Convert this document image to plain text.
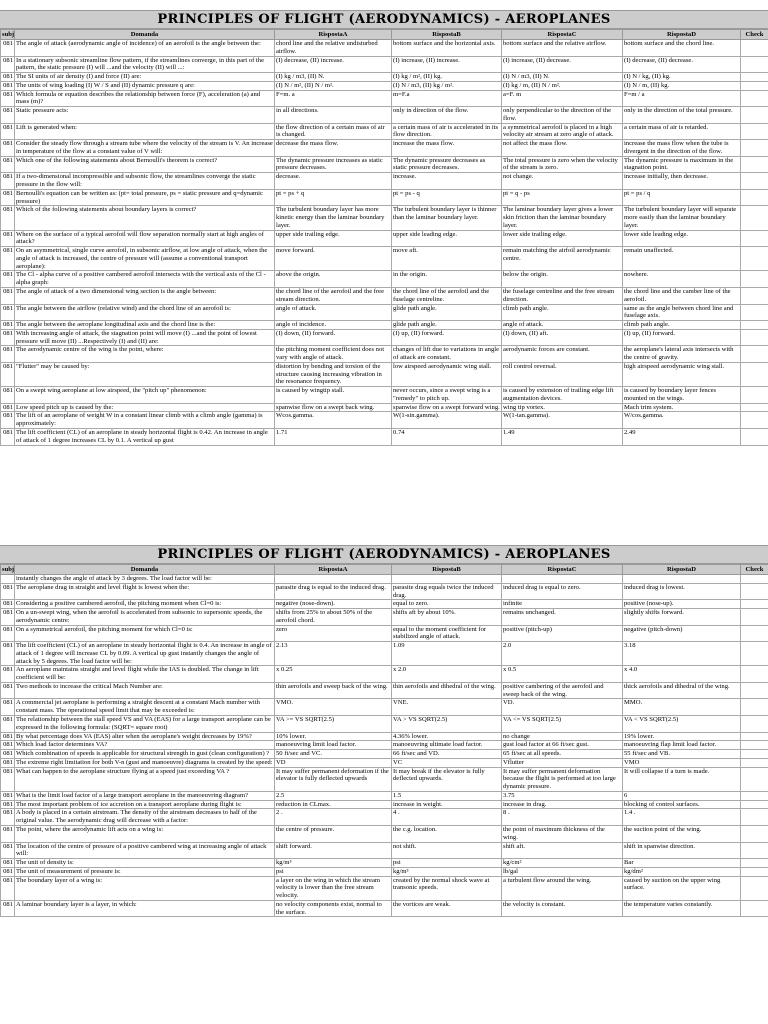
PRINCIPLES OF FLIGHT (AERODYNAMICS) - AEROPLANES
subj	Domanda	RispostaA	RispostaB	RispostaC	RispostaD	Check
081	The angle of attack (aerodynamic angle of incidence) of an aerofoil is the angle between the:	chord line and the relative undisturbed airflow.	bottom surface and the horizontal axis.	bottom surface and the relative airflow.	bottom surface and the chord line.	
081	In a stationary subsonic streamline flow pattern, if the streamlines converge, in this part of the pattern, the static pressure (I) will ...and the velocity (II) will ...:	(I) decrease, (II) increase.	(I) increase, (II) increase.	(I) increase, (II) decrease.	(I) decrease, (II) decrease.	
081	The SI units of air density (I) and force (II) are:	(I) kg / m3, (II) N.	(I) kg / m², (II) kg.	(I) N / m3, (II) N.	(I) N / kg, (II) kg.	
081	The units of wing loading (I) W / S and (II) dynamic pressure q are:	(I) N / m², (II) N / m².	(I) N / m3, (II) kg / m².	(I) kg / m, (II) N / m².	(I) N / m, (II) kg.	
081	Which formula or equation describes the relationship between force (F), acceleration (a) and mass (m)?	F=m. a	m=F.a	a=F. m	F=m / a	
081	Static pressure acts:	in all directions.	only in direction of the flow.	only perpendicular to the direction of the flow.	only in the direction of the total pressure.	
081	Lift is generated when:	the flow direction of a certain mass of air is changed.	a certain mass of air is accelerated in its flow direction.	a symmetrical aerofoil is placed in a high velocity air stream at zero angle of attack.	a certain mass of air is retarded.	
081	Consider the steady flow through a stream tube where the velocity of the stream is V. An increase in temperature of the flow at a constant value of V will:	decrease the mass flow.	increase the mass flow.	not affect the mass flow.	increase the mass flow when the tube is divergent in the direction of the flow.	
081	Which one of the following statements about Bernoulli's theorem is correct?	The dynamic pressure increases as static pressure decreases.	The dynamic pressure decreases as static pressure decreases.	The total pressure is zero when the velocity of the stream is zero.	The dynamic pressure is maximum in the stagnation point.	
081	If a two-dimensional incompressible and subsonic flow, the streamlines converge the static pressure in the flow will:	decrease.	increase.	not change.	increase initially, then decrease.	
081	Bernoulli's equation can be written as: (pt= total pressure, ps = static pressure and q=dynamic pressure)	pt = ps + q	pt = ps - q	pt = q - ps	pt = ps / q	
081	Which of the following statements about boundary layers is correct?	The turbulent boundary layer has more kinetic energy than the laminar boundary layer.	The turbulent boundary layer is thinner than the laminar boundary layer.	The laminar boundary layer gives a lower skin friction than the laminar boundary layer.	The turbulent boundary layer will separate more easily than the laminar boundary layer.	
081	Where on the surface of a typical aerofoil will flow separation normally start at high angles of attack?	upper side trailing edge.	upper side leading edge.	lower side trailing edge.	lower side leading edge.	
081	On an asymmetrical, single curve aerofoil, in subsonic airflow, at low angle of attack, when the angle of attack is increased, the centre of pressure will (assume a conventional transport aeroplane):	move forward.	move aft.	remain matching the airfoil aerodynamic centre.	remain unaffected.	
081	The Cl - alpha curve of a positive cambered aerofoil intersects with the vertical axis of the Cl - alpha graph:	above the origin.	in the origin.	below the origin.	nowhere.	
081	The angle of attack of a two dimensional wing section is the angle between:	the chord line of the aerofoil and the free stream direction.	the chord line of the aerofoil and the fuselage centreline.	the fuselage centreline and the free stream direction.	the chord line and the camber line of the aerofoil.	
081	The angle between the airflow (relative wind) and the chord line of an aerofoil is:	angle of attack.	glide path angle.	climb path angle.	same as the angle between chord line and fuselage axis.	
081	The angle between the aeroplane longitudinal axis and the chord line is the:	angle of incidence.	glide path angle.	angle of attack.	climb path angle.	
081	With increasing angle of attack, the stagnation point will move (I) ...and the point of lowest pressure will move (II) ...Respectively (I) and (II) are:	(I) down, (II) forward.	(I) up, (II) forward.	(I) down, (II) aft.	(I) up, (II) forward.	
081	The aerodynamic centre of the wing is the point, where:	the pitching moment coefficient does not vary with angle of attack.	changes of lift due to variations in angle of attack are constant.	aerodynamic forces are constant.	the aeroplane's lateral axis intersects with the centre of gravity.	
081	"Flutter" may be caused by:	distortion by bending and torsion of the structure causing increasing vibration in the resonance frequency.	low airspeed aerodynamic wing stall.	roll control reversal.	high airspeed aerodynamic wing stall.	
081	On a swept wing aeroplane at low airspeed, the "pitch up" phenomenon:	is caused by wingtip stall.	never occurs, since a swept wing is a "remedy" to pitch up.	is caused by extension of trailing edge lift augmentation devices.	is caused by boundary layer fences mounted on the wings.	
081	Low speed pitch up is caused by the:	spanwise flow on a swept back wing.	spanwise flow on a swept forward wing.	wing tip vortex.	Mach trim system.	
081	The lift of an aeroplane of weight W in a constant linear climb with a climb angle (gamma) is approximately:	Wcos.gamma.	W(1-sin.gamma).	W(1-tan.gamma).	W/cos.gamma.	
081	The lift coefficient (CL) of an aeroplane in steady horizontal flight is 0.42. An increase in angle of attack of 1 degree increases CL by 0.1. A vertical up gust	1.71	0.74	1.49	2.49	
PRINCIPLES OF FLIGHT (AERODYNAMICS) - AEROPLANES
subj	Domanda	RispostaA	RispostaB	RispostaC	RispostaD	Check
	instantly changes the angle of attack by 3 degrees. The load factor will be:					
081	The aeroplane drag in straight and level flight is lowest when the:	parasite drag is equal to the induced drag.	parasite drag equals twice the induced drag.	induced drag is equal to zero.	induced drag is lowest.	
081	Considering a positive cambered aerofoil, the pitching moment when Cl=0 is:	negative (nose-down).	equal to zero.	infinite	positive (nose-up).	
081	On a un-swept wing, when the aerofoil is accelerated from subsonic to supersonic speeds, the aerodynamic centre:	shifts from 25% to about 50% of the aerofoil chord.	shifts aft by about 10%.	remains unchanged.	slightly shifts forward.	
081	On a symmetrical aerofoil, the pitching moment for which Cl=0 is:	zero	equal to the moment coefficient for stabilized angle of attack.	positive (pitch-up)	negative (pitch-down)	
081	The lift coefficient (CL) of an aeroplane in steady horizontal flight is 0.4. An increase in angle of attack of 1 degree will increase CL by 0.09. A vertical up gust instantly changes the angle of attack by 5 degrees. The load factor will be:	2.13	1.09	2.0	3.18	
081	An aeroplane maintains straight and level flight while the IAS is doubled. The change in lift coefficient will be:	x 0.25	x 2.0	x 0.5	x 4.0	
081	Two methods to increase the critical Mach Number are:	thin aerofoils and sweep back of the wing.	thin aerofoils and dihedral of the wing.	positive cambering of the aerofoil and sweep back of the wing.	thick aerofoils and dihedral of the wing.	
081	A commercial jet aeroplane is performing a straight descent at a constant Mach number with constant mass. The operational speed limit that may be exceeded is:	VMO.	VNE.	VD.	MMO.	
081	The relationship between the stall speed VS and VA (EAS) for a large transport aeroplane can be expressed in the following formula: (SQRT= square root)	VA >= VS SQRT(2.5)	VA > VS SQRT(2.5)	VA <= VS SQRT(2.5)	VA < VS SQRT(2.5)	
081	By what percentage does VA (EAS) alter when the aeroplane's weight decreases by 19%?	10% lower.	4.36% lower.	no change	19% lower.	
081	Which load factor determines VA?	manoeuvring limit load factor.	manoeuvring ultimate load factor.	gust load factor at 66 ft/sec gust.	manoeuvring flap limit load factor.	
081	Which combination of speeds is applicable for structural strength in gust (clean configuration) ?	50 ft/sec and VC.	66 ft/sec and VD.	65 ft/sec at all speeds.	55 ft/sec and VB.	
081	The extreme right limitation for both V-n (gust and manoeuvre) diagrams is created by the speed:	VD	VC	Vflutter	VMO	
081	What can happen to the aeroplane structure flying at a speed just exceeding VA ?	It may suffer permanent deformation if the elevator is fully deflected upwards	It may break if the elevator is fully deflected upwards.	It may suffer permanent deformation because the flight is performed at too large dynamic pressure.	It will collapse if a turn is made.	
081	What is the limit load factor of a large transport aeroplane in the manoeuvring diagram?	2.5	1.5	3.75	6	
081	The most important problem of ice accretion on a transport aeroplane during flight is:	reduction in CLmax.	increase in weight.	increase in drag.	blocking of control surfaces.	
081	A body is placed in a certain airstream. The density of the airstream decreases to half of the original value. The aerodynamic drag will decrease with a factor:	2 .	4 .	8 .	1.4 .	
081	The point, where the aerodynamic lift acts on a wing is:	the centre of pressure.	the c.g. location.	the point of maximum thickness of the wing.	the suction point of the wing.	
081	The location of the centre of pressure of a positive cambered wing at increasing angle of attack will:	shift forward.	not shift.	shift aft.	shift in spanwise direction.	
081	The unit of density is:	kg/m³	psi	kg/cm²	Bar	
081	The unit of measurement of pressure is:	psi	kg/m³	lb/gal	kg/dm²	
081	The boundary layer of a wing is:	a layer on the wing in which the stream velocity is lower than the free stream velocity.	created by the normal shock wave at transonic speeds.	a turbulent flow around the wing.	caused by suction on the upper wing surface.	
081	A laminar boundary layer is a layer, in which:	no velocity components exist, normal to the surface.	the vortices are weak.	the velocity is constant.	the temperature varies constantly.	
